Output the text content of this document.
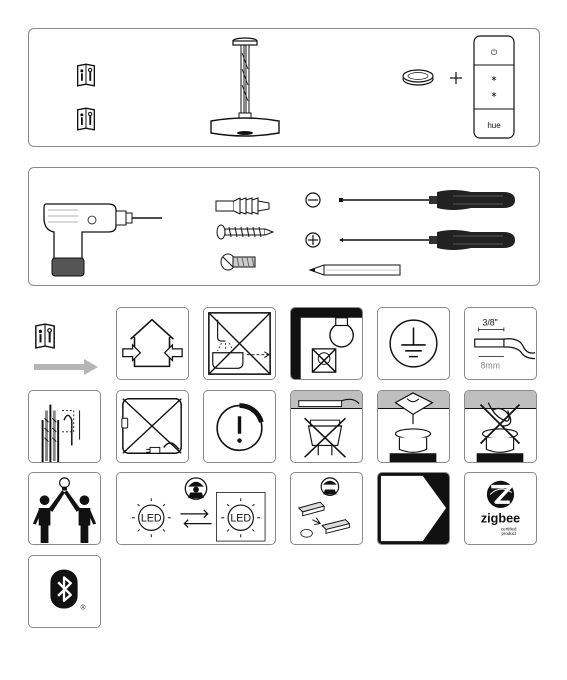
⏻
∗
∗
hue
3/8"
8mm
LED	LED	zigbee
certified
product
®
